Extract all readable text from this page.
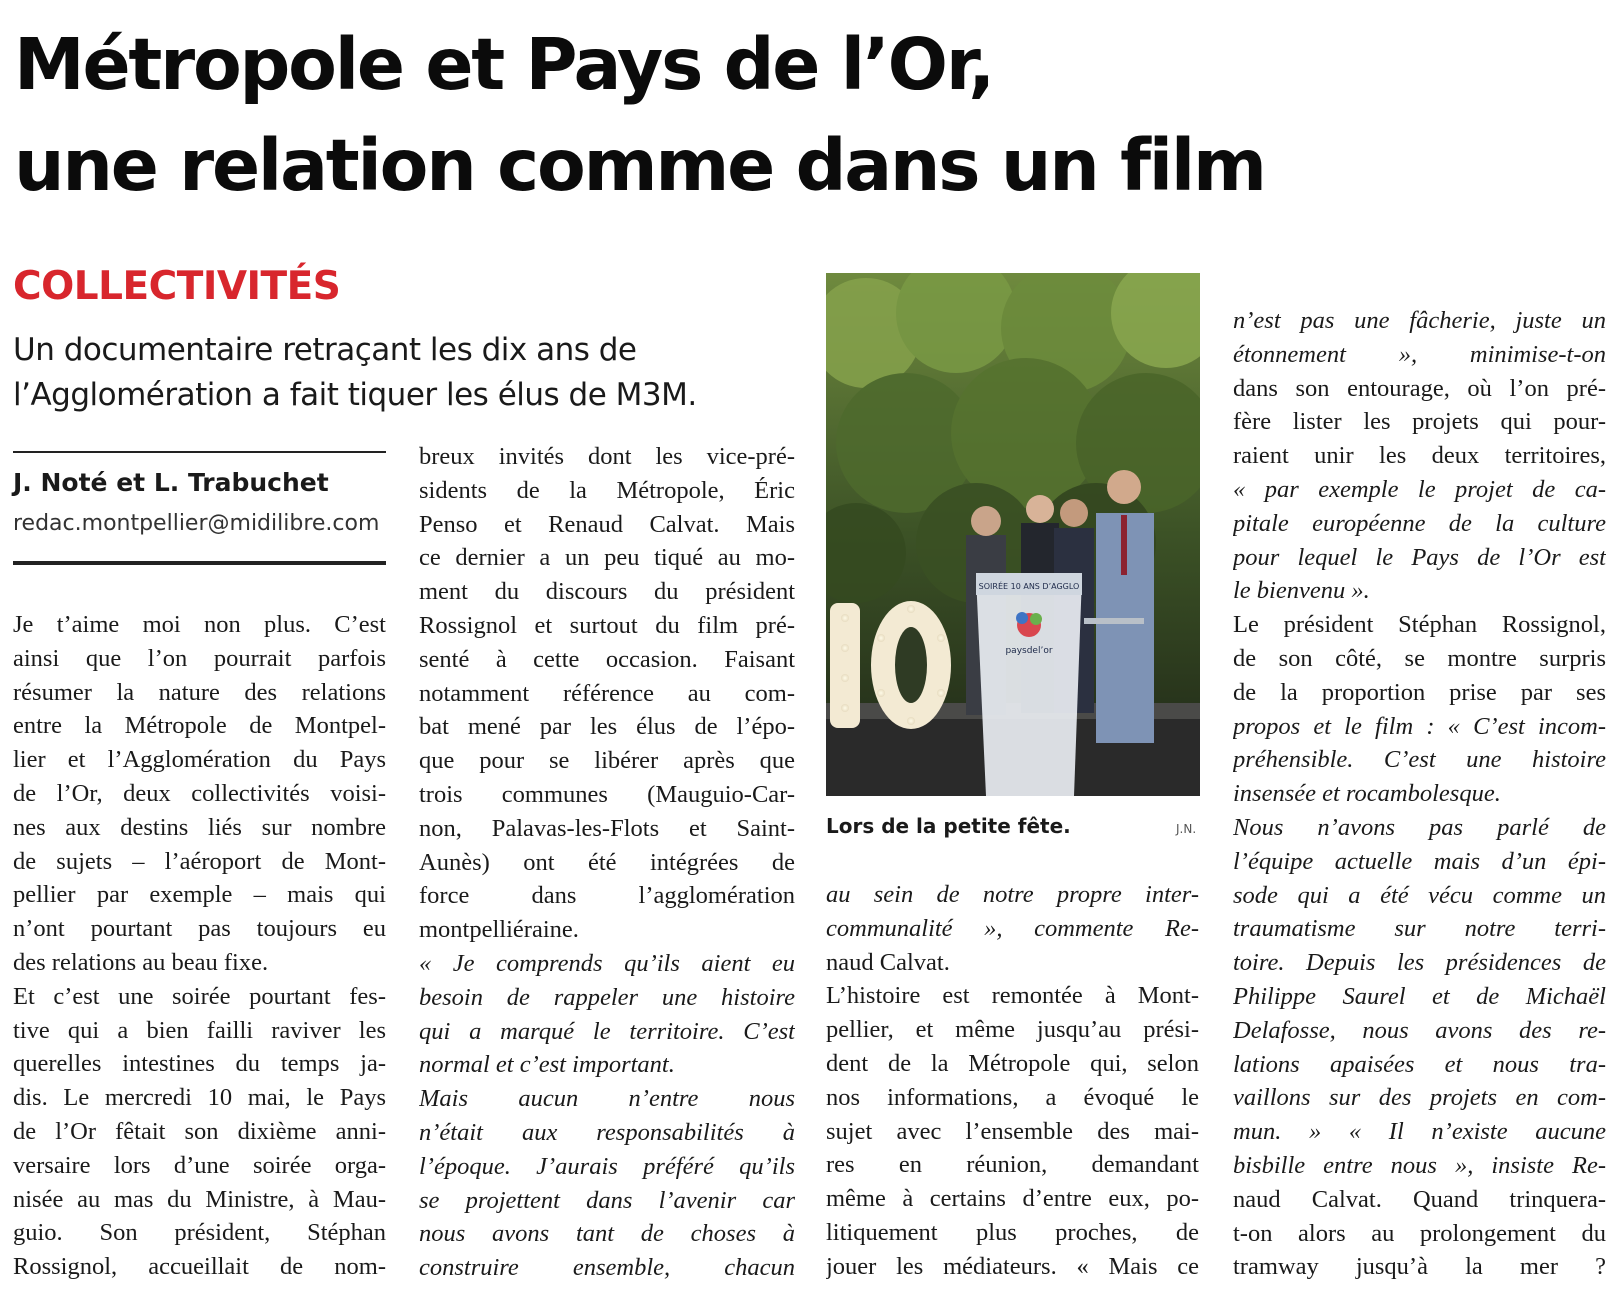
Métropole et Pays de l’Or,
une relation comme dans un film
COLLECTIVITÉS
Un documentaire retraçant les dix ans de
l’Agglomération a fait tiquer les élus de M3M.
J. Noté et L. Trabuchet
redac.montpellier@midilibre.com
Je t’aime moi non plus. C’est
ainsi que l’on pourrait parfois
résumer la nature des relations
entre la Métropole de Montpel-
lier et l’Agglomération du Pays
de l’Or, deux collectivités voisi-
nes aux destins liés sur nombre
de sujets – l’aéroport de Mont-
pellier par exemple – mais qui
n’ont pourtant pas toujours eu
des relations au beau fixe.
Et c’est une soirée pourtant fes-
tive qui a bien failli raviver les
querelles intestines du temps ja-
dis. Le mercredi 10 mai, le Pays
de l’Or fêtait son dixième anni-
versaire lors d’une soirée orga-
nisée au mas du Ministre, à Mau-
guio. Son président, Stéphan
Rossignol, accueillait de nom-
breux invités dont les vice-pré-
sidents de la Métropole, Éric
Penso et Renaud Calvat. Mais
ce dernier a un peu tiqué au mo-
ment du discours du président
Rossignol et surtout du film pré-
senté à cette occasion. Faisant
notamment référence au com-
bat mené par les élus de l’épo-
que pour se libérer après que
trois communes (Mauguio-Car-
non, Palavas-les-Flots et Saint-
Aunès) ont été intégrées de
force dans l’agglomération
montpelliéraine.
« Je comprends qu’ils aient eu
besoin de rappeler une histoire
qui a marqué le territoire. C’est
normal et c’est important.
Mais aucun n’entre nous
n’était aux responsabilités à
l’époque. J’aurais préféré qu’ils
se projettent dans l’avenir car
nous avons tant de choses à
construire ensemble, chacun
au sein de notre propre inter-
communalité », commente Re-
naud Calvat.
L’histoire est remontée à Mont-
pellier, et même jusqu’au prési-
dent de la Métropole qui, selon
nos informations, a évoqué le
sujet avec l’ensemble des mai-
res en réunion, demandant
même à certains d’entre eux, po-
litiquement plus proches, de
jouer les médiateurs. « Mais ce
n’est pas une fâcherie, juste un
étonnement », minimise-t-on
dans son entourage, où l’on pré-
fère lister les projets qui pour-
raient unir les deux territoires,
« par exemple le projet de ca-
pitale européenne de la culture
pour lequel le Pays de l’Or est
le bienvenu ».
Le président Stéphan Rossignol,
de son côté, se montre surpris
de la proportion prise par ses
propos et le film : « C’est incom-
préhensible. C’est une histoire
insensée et rocambolesque.
Nous n’avons pas parlé de
l’équipe actuelle mais d’un épi-
sode qui a été vécu comme un
traumatisme sur notre terri-
toire. Depuis les présidences de
Philippe Saurel et de Michaël
Delafosse, nous avons des re-
lations apaisées et nous tra-
vaillons sur des projets en com-
mun. » « Il n’existe aucune
bisbille entre nous », insiste Re-
naud Calvat. Quand trinquera-
t-on alors au prolongement du
tramway jusqu’à la mer ?
SOIRÉE 10 ANS D’AGGLO
paysdel’or
Lors de la petite fête.	J.N.
